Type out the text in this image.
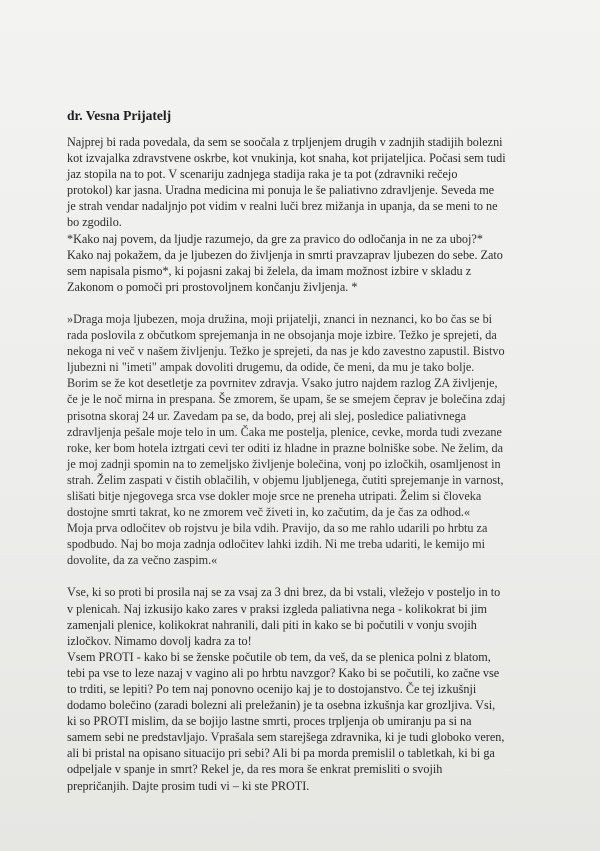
dr. Vesna Prijatelj
Najprej bi rada povedala, da sem se soočala z trpljenjem drugih v zadnjih stadijih bolezni
kot izvajalka zdravstvene oskrbe, kot vnukinja, kot snaha, kot prijateljica. Počasi sem tudi
jaz stopila na to pot. V scenariju zadnjega stadija raka je ta pot (zdravniki rečejo
protokol) kar jasna. Uradna medicina mi ponuja le še paliativno zdravljenje. Seveda me
je strah vendar nadaljnjo pot vidim v realni luči brez mižanja in upanja, da se meni to ne
bo zgodilo.
*Kako naj povem, da ljudje razumejo, da gre za pravico do odločanja in ne za uboj?*
Kako naj pokažem, da je ljubezen do življenja in smrti pravzaprav ljubezen do sebe. Zato
sem napisala pismo*, ki pojasni zakaj bi želela, da imam možnost izbire v skladu z
Zakonom o pomoči pri prostovoljnem končanju življenja. *
»Draga moja ljubezen, moja družina, moji prijatelji, znanci in neznanci, ko bo čas se bi
rada poslovila z občutkom sprejemanja in ne obsojanja moje izbire. Težko je sprejeti, da
nekoga ni več v našem življenju. Težko je sprejeti, da nas je kdo zavestno zapustil. Bistvo
ljubezni ni "imeti" ampak dovoliti drugemu, da odide, če meni, da mu je tako bolje.
Borim se že kot desetletje za povrnitev zdravja. Vsako jutro najdem razlog ZA življenje,
če je le noč mirna in prespana. Še zmorem, še upam, še se smejem čeprav je bolečina zdaj
prisotna skoraj 24 ur. Zavedam pa se, da bodo, prej ali slej, posledice paliativnega
zdravljenja pešale moje telo in um. Čaka me postelja, plenice, cevke, morda tudi zvezane
roke, ker bom hotela iztrgati cevi ter oditi iz hladne in prazne bolniške sobe. Ne želim, da
je moj zadnji spomin na to zemeljsko življenje bolečina, vonj po izločkih, osamljenost in
strah. Želim zaspati v čistih oblačilih, v objemu ljubljenega, čutiti sprejemanje in varnost,
slišati bitje njegovega srca vse dokler moje srce ne preneha utripati. Želim si človeka
dostojne smrti takrat, ko ne zmorem več živeti in, ko začutim, da je čas za odhod.«
Moja prva odločitev ob rojstvu je bila vdih. Pravijo, da so me rahlo udarili po hrbtu za
spodbudo. Naj bo moja zadnja odločitev lahki izdih. Ni me treba udariti, le kemijo mi
dovolite, da za večno zaspim.«
Vse, ki so proti bi prosila naj se za vsaj za 3 dni brez, da bi vstali, vležejo v posteljo in to
v plenicah. Naj izkusijo kako zares v praksi izgleda paliativna nega - kolikokrat bi jim
zamenjali plenice, kolikokrat nahranili, dali piti in kako se bi počutili v vonju svojih
izločkov. Nimamo dovolj kadra za to!
Vsem PROTI - kako bi se ženske počutile ob tem, da veš, da se plenica polni z blatom,
tebi pa vse to leze nazaj v vagino ali po hrbtu navzgor? Kako bi se počutili, ko začne vse
to trditi, se lepiti? Po tem naj ponovno ocenijo kaj je to dostojanstvo. Če tej izkušnji
dodamo bolečino (zaradi bolezni ali preležanin) je ta osebna izkušnja kar grozljiva. Vsi,
ki so PROTI mislim, da se bojijo lastne smrti, proces trpljenja ob umiranju pa si na
samem sebi ne predstavljajo. Vprašala sem starejšega zdravnika, ki je tudi globoko veren,
ali bi pristal na opisano situacijo pri sebi? Ali bi pa morda premislil o tabletkah, ki bi ga
odpeljale v spanje in smrt? Rekel je, da res mora še enkrat premisliti o svojih
prepričanjih. Dajte prosim tudi vi – ki ste PROTI.
